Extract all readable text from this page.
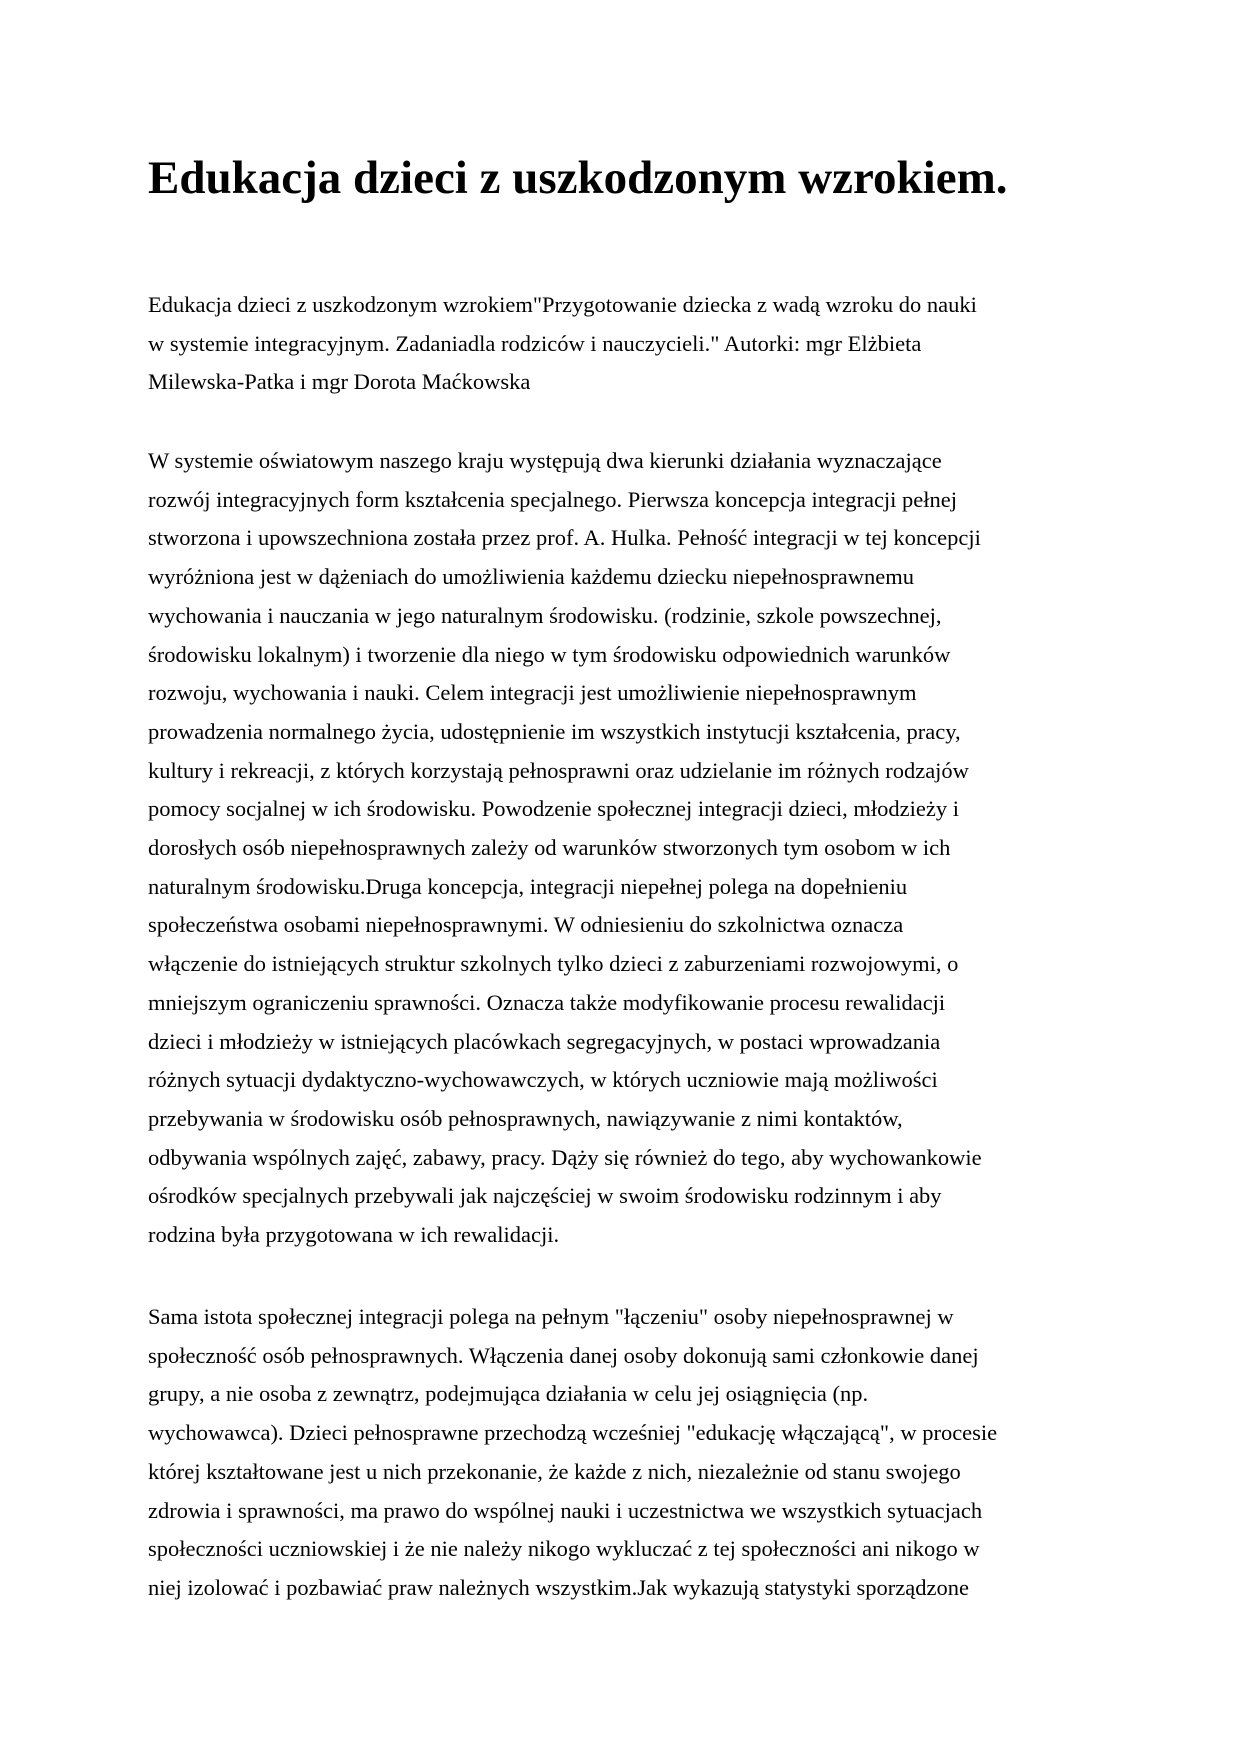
Edukacja dzieci z uszkodzonym wzrokiem.

Edukacja dzieci z uszkodzonym wzrokiem"Przygotowanie dziecka z wadą wzroku do nauki
w systemie integracyjnym. Zadaniadla rodziców i nauczycieli." Autorki: mgr Elżbieta
Milewska-Patka i mgr Dorota Maćkowska

W systemie oświatowym naszego kraju występują dwa kierunki działania wyznaczające
rozwój integracyjnych form kształcenia specjalnego. Pierwsza koncepcja integracji pełnej
stworzona i upowszechniona została przez prof. A. Hulka. Pełność integracji w tej koncepcji
wyróżniona jest w dążeniach do umożliwienia każdemu dziecku niepełnosprawnemu
wychowania i nauczania w jego naturalnym środowisku. (rodzinie, szkole powszechnej,
środowisku lokalnym) i tworzenie dla niego w tym środowisku odpowiednich warunków
rozwoju, wychowania i nauki. Celem integracji jest umożliwienie niepełnosprawnym
prowadzenia normalnego życia, udostępnienie im wszystkich instytucji kształcenia, pracy,
kultury i rekreacji, z których korzystają pełnosprawni oraz udzielanie im różnych rodzajów
pomocy socjalnej w ich środowisku. Powodzenie społecznej integracji dzieci, młodzieży i
dorosłych osób niepełnosprawnych zależy od warunków stworzonych tym osobom w ich
naturalnym środowisku.Druga koncepcja, integracji niepełnej polega na dopełnieniu
społeczeństwa osobami niepełnosprawnymi. W odniesieniu do szkolnictwa oznacza
włączenie do istniejących struktur szkolnych tylko dzieci z zaburzeniami rozwojowymi, o
mniejszym ograniczeniu sprawności. Oznacza także modyfikowanie procesu rewalidacji
dzieci i młodzieży w istniejących placówkach segregacyjnych, w postaci wprowadzania
różnych sytuacji dydaktyczno-wychowawczych, w których uczniowie mają możliwości
przebywania w środowisku osób pełnosprawnych, nawiązywanie z nimi kontaktów,
odbywania wspólnych zajęć, zabawy, pracy. Dąży się również do tego, aby wychowankowie
ośrodków specjalnych przebywali jak najczęściej w swoim środowisku rodzinnym i aby
rodzina była przygotowana w ich rewalidacji.

Sama istota społecznej integracji polega na pełnym "łączeniu" osoby niepełnosprawnej w
społeczność osób pełnosprawnych. Włączenia danej osoby dokonują sami członkowie danej
grupy, a nie osoba z zewnątrz, podejmująca działania w celu jej osiągnięcia (np.
wychowawca). Dzieci pełnosprawne przechodzą wcześniej "edukację włączającą", w procesie
której kształtowane jest u nich przekonanie, że każde z nich, niezależnie od stanu swojego
zdrowia i sprawności, ma prawo do wspólnej nauki i uczestnictwa we wszystkich sytuacjach
społeczności uczniowskiej i że nie należy nikogo wykluczać z tej społeczności ani nikogo w
niej izolować i pozbawiać praw należnych wszystkim.Jak wykazują statystyki sporządzone
